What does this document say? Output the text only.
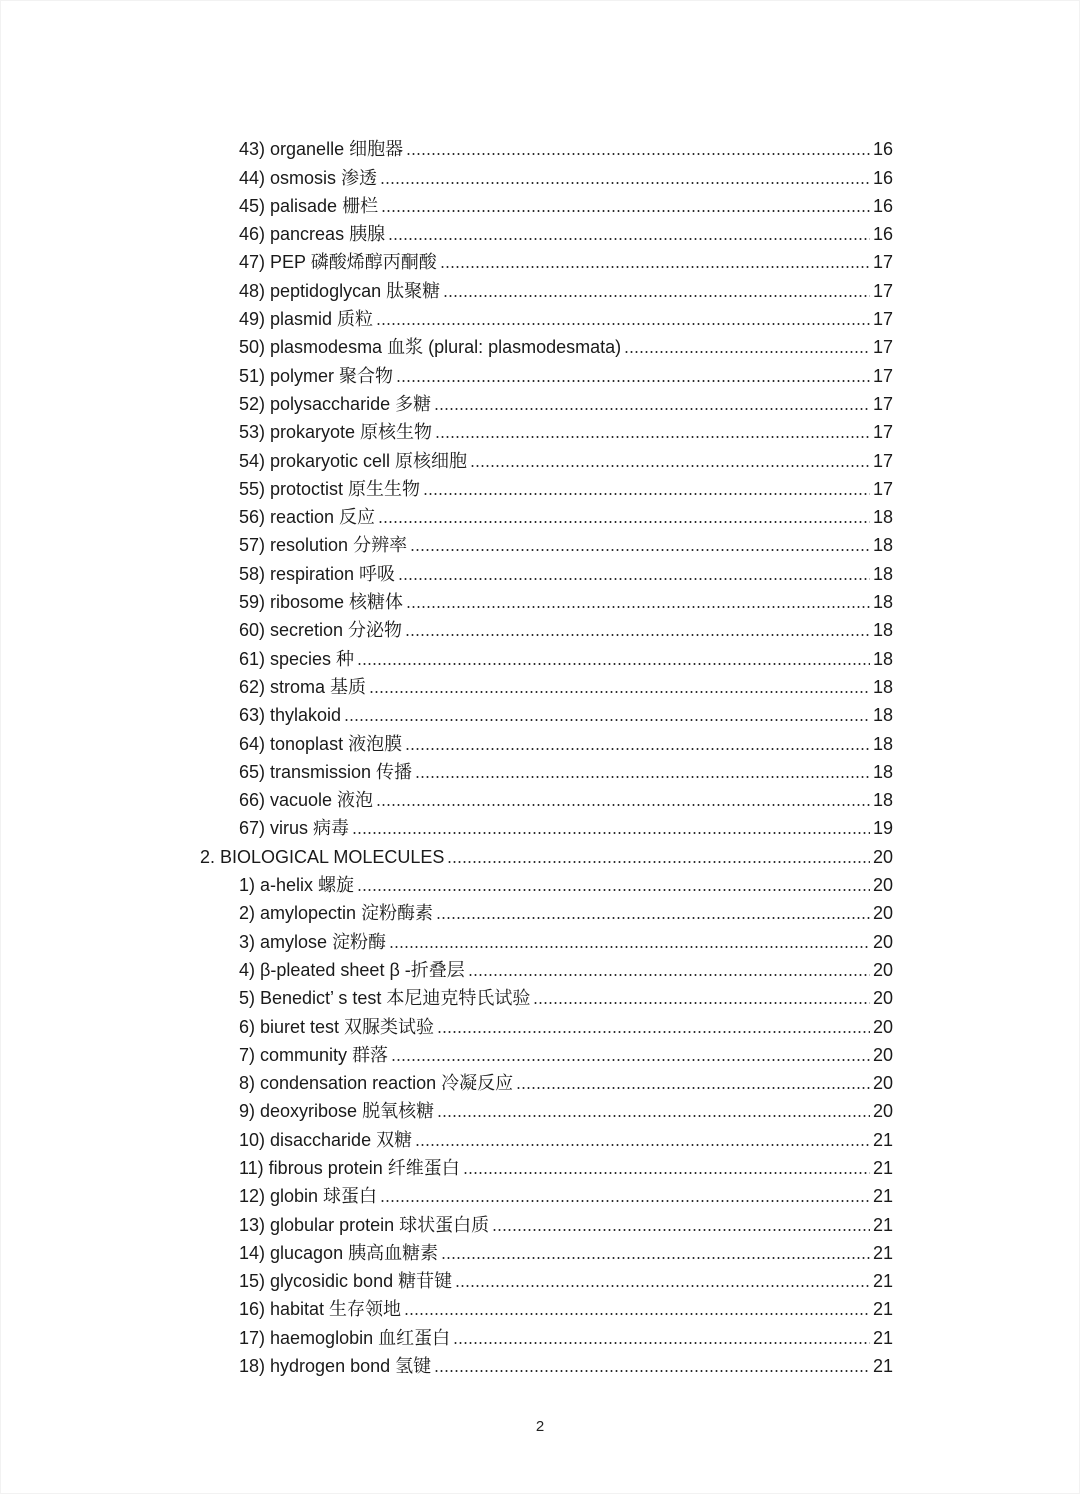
43) organelle 细胞器	16
44) osmosis 渗透	16
45) palisade 栅栏	16
46) pancreas 胰腺	16
47) PEP 磷酸烯醇丙酮酸	17
48) peptidoglycan 肽聚糖	17
49) plasmid 质粒	17
50) plasmodesma 血浆 (plural: plasmodesmata)	17
51) polymer 聚合物	17
52) polysaccharide 多糖	17
53) prokaryote 原核生物	17
54) prokaryotic cell 原核细胞	17
55) protoctist 原生生物	17
56) reaction 反应	18
57) resolution 分辨率	18
58) respiration 呼吸	18
59) ribosome 核糖体	18
60) secretion 分泌物	18
61) species 种	18
62) stroma 基质	18
63) thylakoid	18
64) tonoplast 液泡膜	18
65) transmission 传播	18
66) vacuole 液泡	18
67) virus 病毒	19
2. BIOLOGICAL MOLECULES	20
1) a-helix 螺旋	20
2) amylopectin 淀粉酶素	20
3) amylose 淀粉酶	20
4) β-pleated sheet β -折叠层	20
5) Benedict’ s test 本尼迪克特氏试验	20
6) biuret test 双脲类试验	20
7) community 群落	20
8) condensation reaction 冷凝反应	20
9) deoxyribose 脱氧核糖	20
10) disaccharide 双糖	21
11) fibrous protein 纤维蛋白	21
12) globin 球蛋白	21
13) globular protein 球状蛋白质	21
14) glucagon 胰高血糖素	21
15) glycosidic bond 糖苷键	21
16) habitat 生存领地	21
17) haemoglobin 血红蛋白	21
18) hydrogen bond 氢键	21
2
